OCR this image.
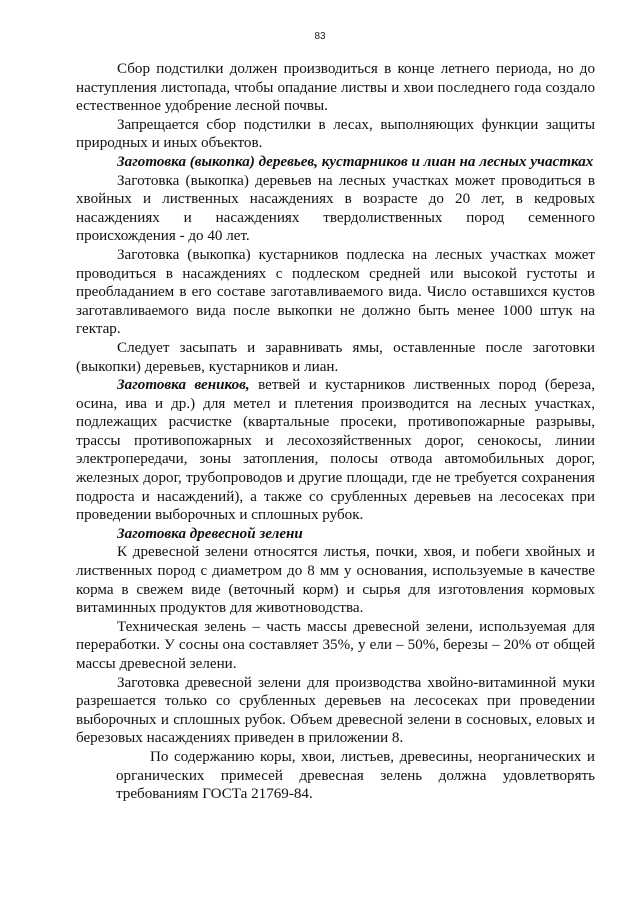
83

Сбор подстилки должен производиться в конце летнего периода, но до наступления листопада, чтобы опадание листвы и хвои последнего года создало естественное удобрение лесной почвы.

Запрещается сбор подстилки в лесах, выполняющих функции защиты природных и иных объектов.

Заготовка (выкопка) деревьев, кустарников и лиан на лесных участках

Заготовка (выкопка) деревьев на лесных участках может проводиться в хвойных и лиственных насаждениях в возрасте до 20 лет, в кедровых насаждениях и насаждениях твердолиственных пород семенного происхождения - до 40 лет.

Заготовка (выкопка) кустарников подлеска на лесных участках может проводиться в насаждениях с подлеском средней или высокой густоты и преобладанием в его составе заготавливаемого вида. Число оставшихся кустов заготавливаемого вида после выкопки не должно быть менее 1000 штук на гектар.

Следует засыпать и заравнивать ямы, оставленные после заготовки (выкопки) деревьев, кустарников и лиан.

Заготовка веников, ветвей и кустарников лиственных пород (береза, осина, ива и др.) для метел и плетения производится на лесных участках, подлежащих расчистке (квартальные просеки, противопожарные разрывы, трассы противопожарных и лесохозяйственных дорог, сенокосы, линии электропередачи, зоны затопления, полосы отвода автомобильных дорог, железных дорог, трубопроводов и другие площади, где не требуется сохранения подроста и насаждений), а также со срубленных деревьев на лесосеках при проведении выборочных и сплошных рубок.

Заготовка древесной зелени

К древесной зелени относятся листья, почки, хвоя, и побеги хвойных и лиственных пород с диаметром до 8 мм у основания, используемые в качестве корма в свежем виде (веточный корм) и сырья для изготовления кормовых витаминных продуктов для животноводства.

Техническая зелень – часть массы древесной зелени, используемая для переработки. У сосны она составляет 35%, у ели – 50%, березы – 20% от общей массы древесной зелени.

Заготовка древесной зелени для производства хвойно-витаминной муки разрешается только со срубленных деревьев на лесосеках при проведении выборочных и сплошных рубок. Объем древесной зелени в сосновых, еловых и березовых насаждениях приведен в приложении 8.

По содержанию коры, хвои, листьев, древесины, неорганических и органических примесей древесная зелень должна удовлетворять требованиям ГОСТа 21769-84.
